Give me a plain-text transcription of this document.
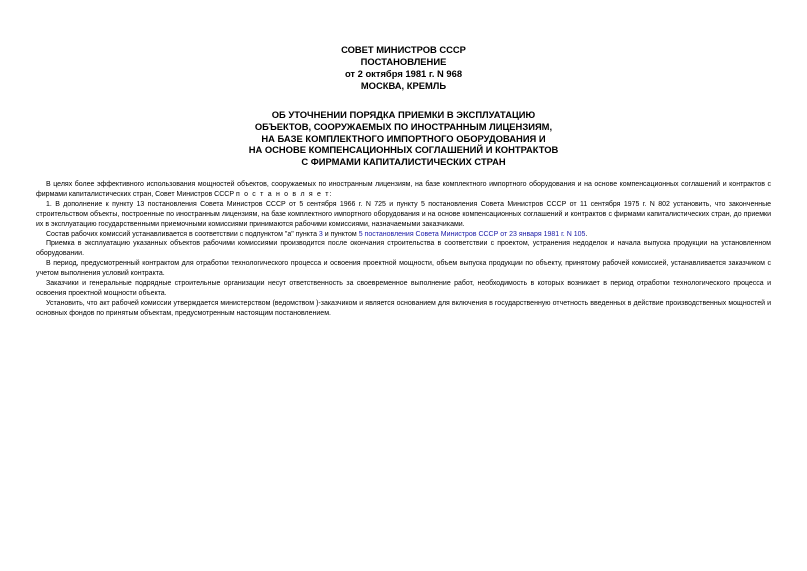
СОВЕТ МИНИСТРОВ СССР
ПОСТАНОВЛЕНИЕ
от 2 октября 1981 г. N 968
МОСКВА, КРЕМЛЬ
ОБ УТОЧНЕНИИ ПОРЯДКА ПРИЕМКИ В ЭКСПЛУАТАЦИЮ
ОБЪЕКТОВ, СООРУЖАЕМЫХ ПО ИНОСТРАННЫМ ЛИЦЕНЗИЯМ,
НА БАЗЕ КОМПЛЕКТНОГО ИМПОРТНОГО ОБОРУДОВАНИЯ И
НА ОСНОВЕ КОМПЕНСАЦИОННЫХ СОГЛАШЕНИЙ И КОНТРАКТОВ
С ФИРМАМИ КАПИТАЛИСТИЧЕСКИХ СТРАН

В целях более эффективного использования мощностей объектов, сооружаемых по иностранным лицензиям, на базе комплектного импортного оборудования и на основе компенсационных соглашений и контрактов с фирмами капиталистических стран, Совет Министров СССР п о с т а н о в л я е т:

1. В дополнение к пункту 13 постановления Совета Министров СССР от 5 сентября 1966 г. N 725 и пункту 5 постановления Совета Министров СССР от 11 сентября 1975 г. N 802 установить, что законченные строительством объекты, построенные по иностранным лицензиям, на базе комплектного импортного оборудования и на основе компенсационных соглашений и контрактов с фирмами капиталистических стран, до приемки их в эксплуатацию государственными приемочными комиссиями принимаются рабочими комиссиями, назначаемыми заказчиками.

Состав рабочих комиссий устанавливается в соответствии с подпунктом "а" пункта 3 и пунктом 5 постановления Совета Министров СССР от 23 января 1981 г. N 105.

Приемка в эксплуатацию указанных объектов рабочими комиссиями производится после окончания строительства в соответствии с проектом, устранения недоделок и начала выпуска продукции на установленном оборудовании.

В период, предусмотренный контрактом для отработки технологического процесса и освоения проектной мощности, объем выпуска продукции по объекту, принятому рабочей комиссией, устанавливается заказчиком с учетом выполнения условий контракта.

Заказчики и генеральные подрядные строительные организации несут ответственность за своевременное выполнение работ, необходимость в которых возникает в период отработки технологического процесса и освоения проектной мощности объекта.

Установить, что акт рабочей комиссии утверждается министерством (ведомством )-заказчиком и является основанием для включения в государственную отчетность введенных в действие производственных мощностей и основных фондов по принятым объектам, предусмотренным настоящим постановлением.
